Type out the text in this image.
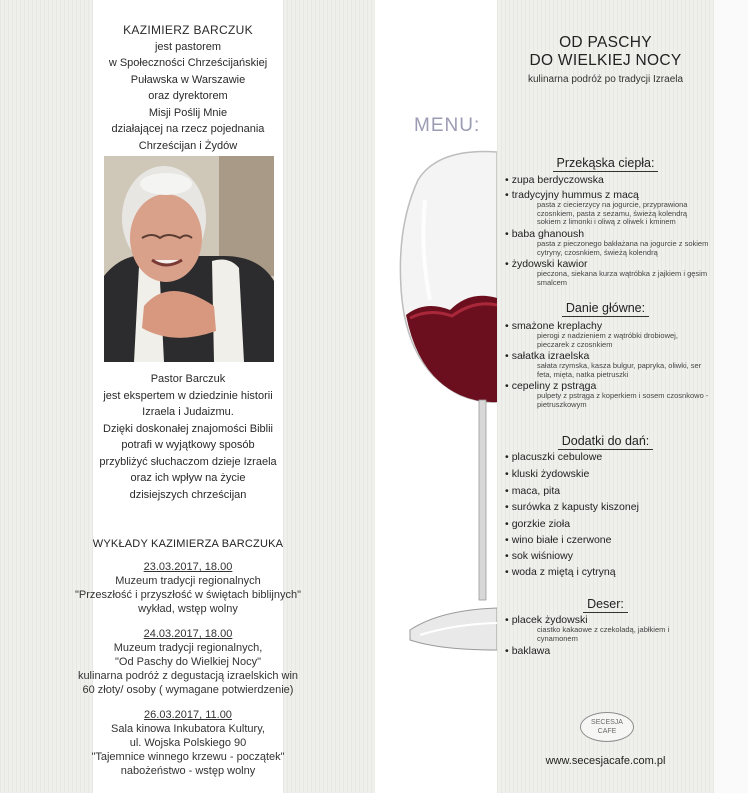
KAZIMIERZ BARCZUK
jest pastorem
w Społeczności Chrześcijańskiej
Puławska w Warszawie
oraz dyrektorem
Misji Poślij Mnie
działającej na rzecz pojednania
Chrześcijan i Żydów
Pastor Barczuk
jest ekspertem w dziedzinie historii
Izraela i Judaizmu.
Dzięki doskonałej znajomości Biblii
potrafi w wyjątkowy sposób
przybliżyć słuchaczom dzieje Izraela
oraz ich wpływ na życie
dzisiejszych chrześcijan
WYKŁADY KAZIMIERZA BARCZUKA
23.03.2017, 18.00
Muzeum tradycji regionalnych
"Przeszłość i przyszłość w świętach biblijnych"
wykład, wstęp wolny
24.03.2017, 18.00
Muzeum tradycji regionalnych,
"Od Paschy do Wielkiej Nocy"
kulinarna podróż z degustacją izraelskich win
60 złoty/ osoby ( wymagane potwierdzenie)
26.03.2017, 11.00
Sala kinowa Inkubatora Kultury,
ul. Wojska Polskiego 90
"Tajemnice winnego krzewu - początek"
nabożeństwo - wstęp wolny
MENU:
OD PASCHY
DO WIELKIEJ NOCY
kulinarna podróż po tradycji Izraela
Przekąska ciepła:
• zupa berdyczowska
• tradycyjny hummus z macą
pasta z ciecierzycy na jogurcie, przyprawiona czosnkiem, pasta z sezamu, świeżą kolendrą sokiem z limonki i oliwą z oliwek i kminem
• baba ghanoush
pasta z pieczonego bakłażana na jogurcie z sokiem cytryny, czosnkiem, świeżą kolendrą
• żydowski kawior
pieczona, siekana kurza wątróbka z jajkiem i gęsim smalcem
Danie główne:
• smażone kreplachy
pierogi z nadzieniem z wątróbki drobiowej, pieczarek z czosnkiem
• sałatka izraelska
sałata rzymska, kasza bulgur, papryka, oliwki, ser feta, mięta, natka pietruszki
• cepeliny z pstrąga
pulpety z pstrąga z koperkiem i sosem czosnkowo - pietruszkowym
Dodatki do dań:
• placuszki cebulowe
• kluski żydowskie
• maca, pita
• surówka z kapusty kiszonej
• gorzkie zioła
• wino białe i czerwone
• sok wiśniowy
• woda z miętą i cytryną
Deser:
• placek żydowski
ciastko kakaowe z czekoladą, jabłkiem i cynamonem
• baklawa
SECESJA
CAFE
www.secesjacafe.com.pl
